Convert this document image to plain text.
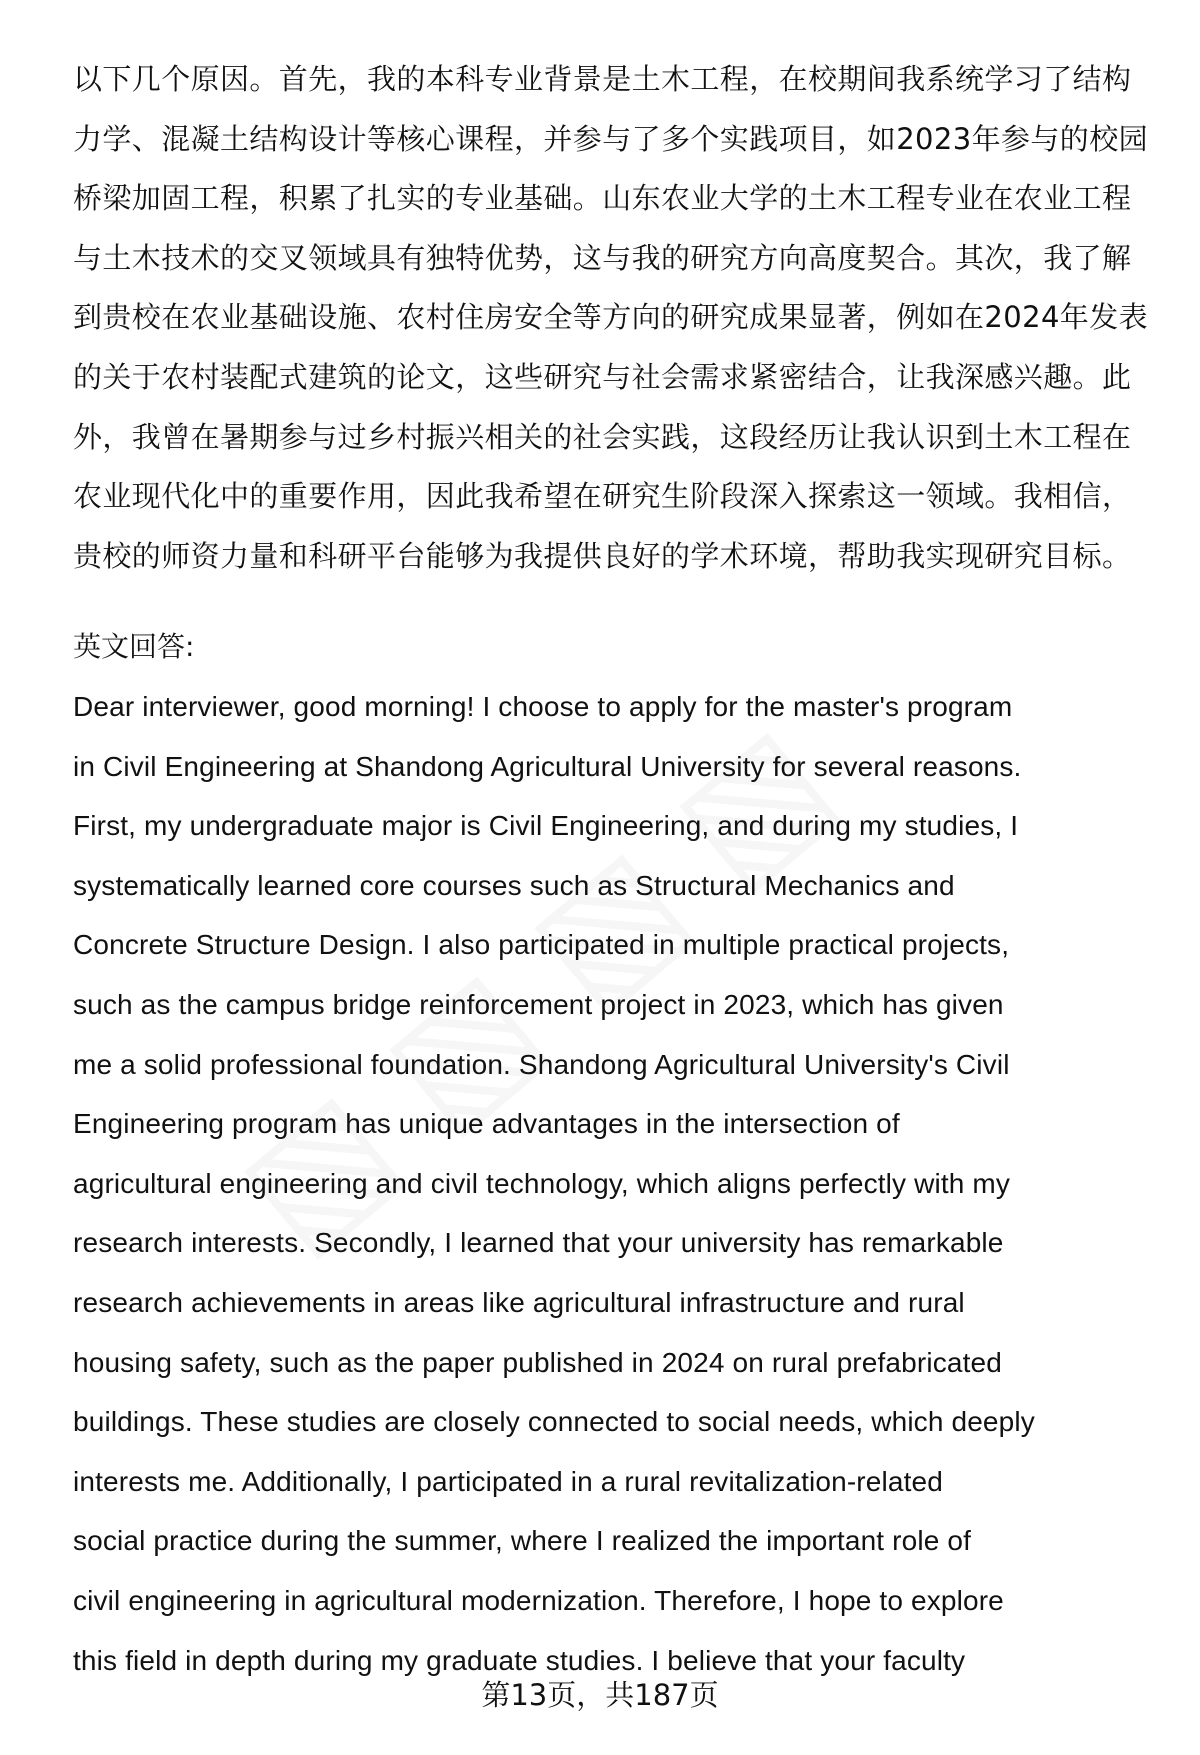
以下几个原因。首先，我的本科专业背景是土木工程，在校期间我系统学习了结构
力学、混凝土结构设计等核心课程，并参与了多个实践项目，如2023年参与的校园
桥梁加固工程，积累了扎实的专业基础。山东农业大学的土木工程专业在农业工程
与土木技术的交叉领域具有独特优势，这与我的研究方向高度契合。其次，我了解
到贵校在农业基础设施、农村住房安全等方向的研究成果显著，例如在2024年发表
的关于农村装配式建筑的论文，这些研究与社会需求紧密结合，让我深感兴趣。此
外，我曾在暑期参与过乡村振兴相关的社会实践，这段经历让我认识到土木工程在
农业现代化中的重要作用，因此我希望在研究生阶段深入探索这一领域。我相信，
贵校的师资力量和科研平台能够为我提供良好的学术环境，帮助我实现研究目标。
英文回答:
Dear interviewer, good morning! I choose to apply for the master's program
in Civil Engineering at Shandong Agricultural University for several reasons.
First, my undergraduate major is Civil Engineering, and during my studies, I
systematically learned core courses such as Structural Mechanics and
Concrete Structure Design. I also participated in multiple practical projects,
such as the campus bridge reinforcement project in 2023, which has given
me a solid professional foundation. Shandong Agricultural University's Civil
Engineering program has unique advantages in the intersection of
agricultural engineering and civil technology, which aligns perfectly with my
research interests. Secondly, I learned that your university has remarkable
research achievements in areas like agricultural infrastructure and rural
housing safety, such as the paper published in 2024 on rural prefabricated
buildings. These studies are closely connected to social needs, which deeply
interests me. Additionally, I participated in a rural revitalization-related
social practice during the summer, where I realized the important role of
civil engineering in agricultural modernization. Therefore, I hope to explore
this field in depth during my graduate studies. I believe that your faculty
第13页，共187页
